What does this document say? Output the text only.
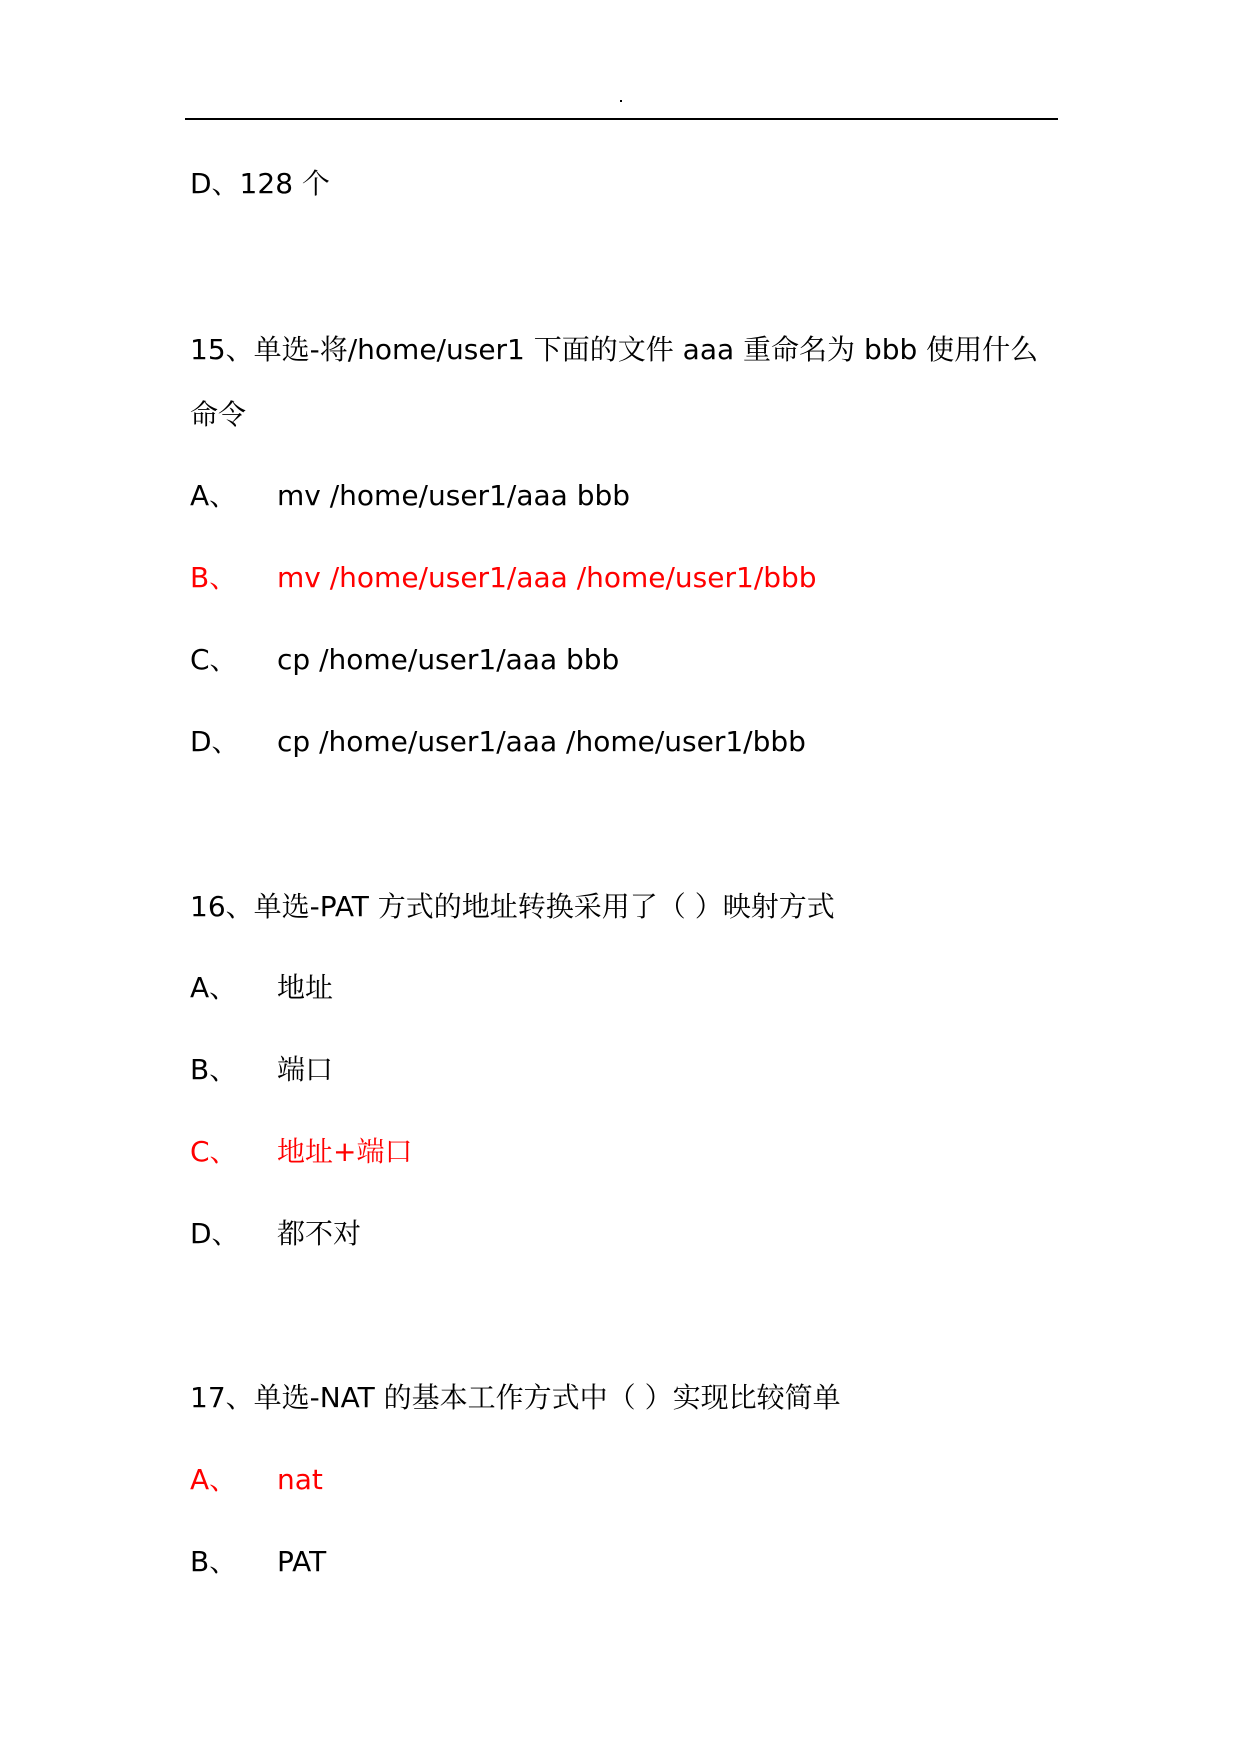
D、128 个
15、单选-将/home/user1 下面的文件 aaa 重命名为 bbb 使用什么
命令
A、 mv /home/user1/aaa bbb
B、 mv /home/user1/aaa /home/user1/bbb
C、 cp /home/user1/aaa bbb
D、 cp /home/user1/aaa /home/user1/bbb
16、单选-PAT 方式的地址转换采用了（ ）映射方式
A、 地址
B、 端口
C、 地址+端口
D、 都不对
17、单选-NAT 的基本工作方式中（ ）实现比较简单
A、 nat
B、 PAT
